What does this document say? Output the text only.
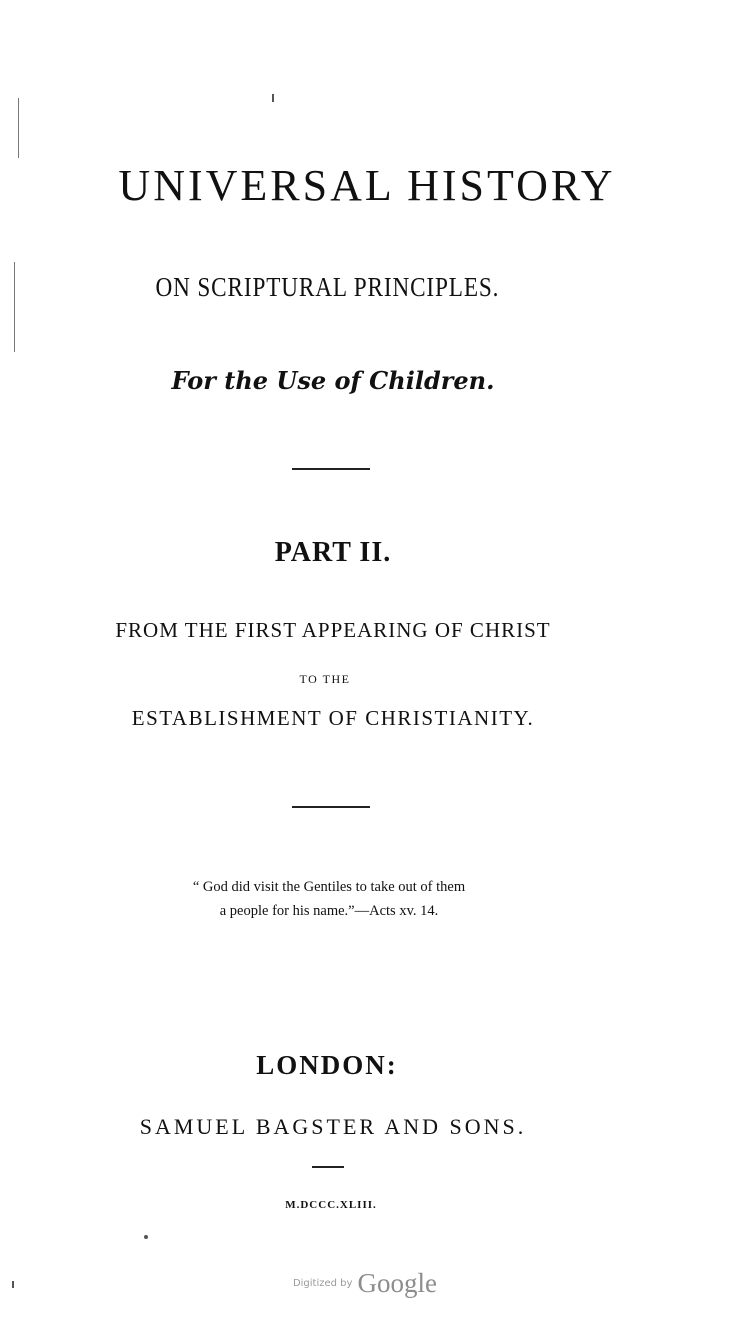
UNIVERSAL HISTORY
ON SCRIPTURAL PRINCIPLES.
For the Use of Children.
PART II.
FROM THE FIRST APPEARING OF CHRIST
TO THE
ESTABLISHMENT OF CHRISTIANITY.
“ God did visit the Gentiles to take out of them
a people for his name.”—Acts xv. 14.
LONDON:
SAMUEL BAGSTER AND SONS.
M.DCCC.XLIII.
Digitized by Google
